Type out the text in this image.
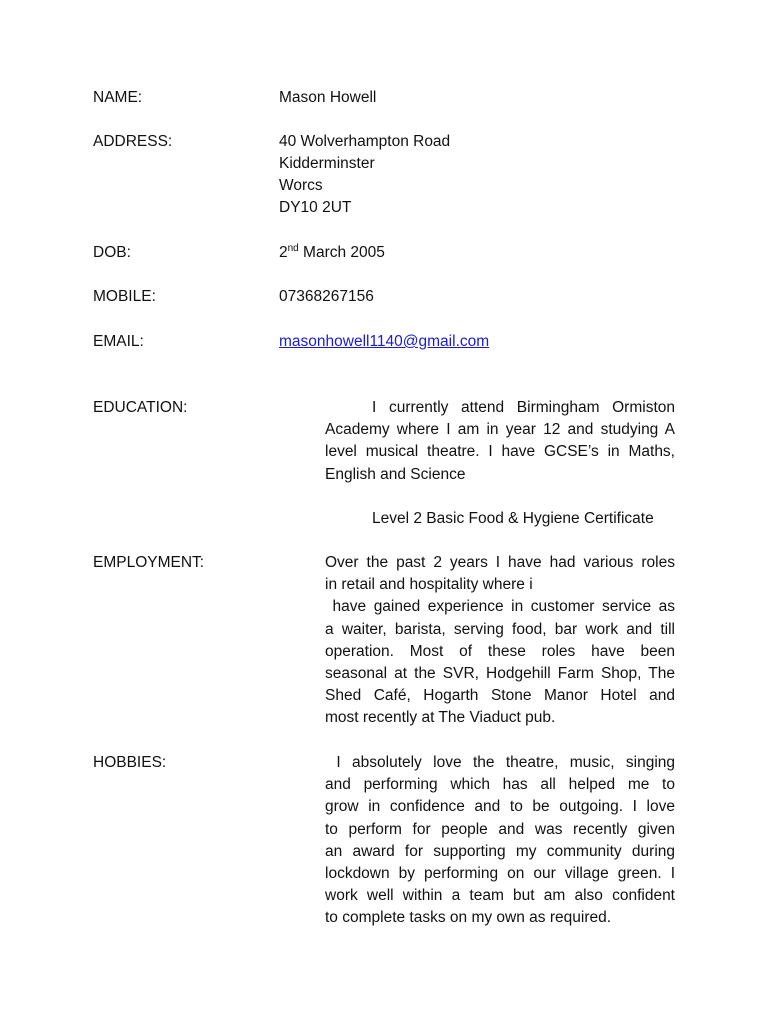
NAME:	Mason Howell
ADDRESS:	40 Wolverhampton Road
Kidderminster
Worcs
DY10 2UT
DOB:	2nd March 2005
MOBILE:	07368267156
EMAIL:	masonhowell1140@gmail.com
EDUCATION:	I currently attend Birmingham Ormiston
Academy where I am in year 12 and studying A
level musical theatre. I have GCSE’s in Maths,
English and Science
Level 2 Basic Food & Hygiene Certificate
EMPLOYMENT:	Over the past 2 years I have had various roles
in retail and hospitality where i
have gained experience in customer service as
a waiter, barista, serving food, bar work and till
operation. Most of these roles have been
seasonal at the SVR, Hodgehill Farm Shop, The
Shed Café, Hogarth Stone Manor Hotel and
most recently at The Viaduct pub.
HOBBIES:	I absolutely love the theatre, music, singing
and performing which has all helped me to
grow in confidence and to be outgoing. I love
to perform for people and was recently given
an award for supporting my community during
lockdown by performing on our village green. I
work well within a team but am also confident
to complete tasks on my own as required.
